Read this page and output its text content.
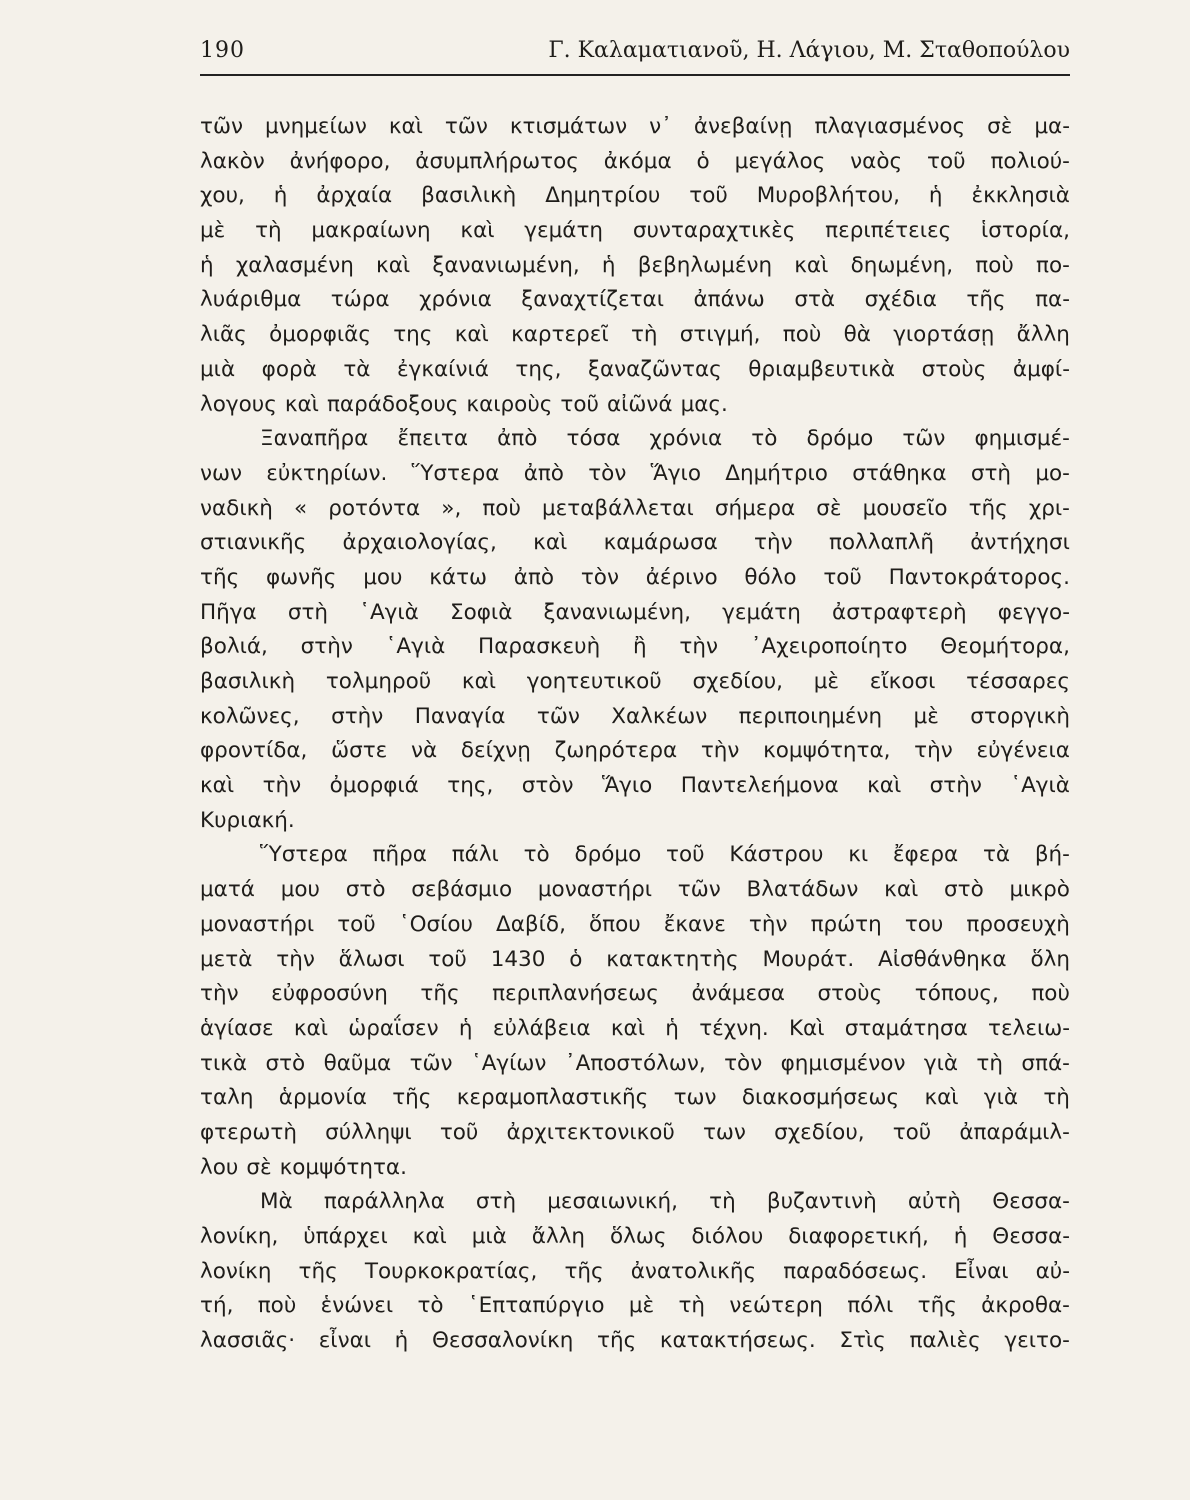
190	Γ. Καλαματιανοῦ, Η. Λάγιου, Μ. Σταθοπούλου
τῶν μνημείων καὶ τῶν κτισμάτων ν᾿ ἀνεβαίνῃ πλαγιασμένος σὲ μα-
λακὸν ἀνήφορο, ἀσυμπλήρωτος ἀκόμα ὁ μεγάλος ναὸς τοῦ πολιού-
χου, ἡ ἀρχαία βασιλικὴ Δημητρίου τοῦ Μυροβλήτου, ἡ ἐκκλησιὰ
μὲ τὴ μακραίωνη καὶ γεμάτη συνταραχτικὲς περιπέτειες ἱστορία,
ἡ χαλασμένη καὶ ξανανιωμένη, ἡ βεβηλωμένη καὶ δηωμένη, ποὺ πο-
λυάριθμα τώρα χρόνια ξαναχτίζεται ἀπάνω στὰ σχέδια τῆς πα-
λιᾶς ὀμορφιᾶς της καὶ καρτερεῖ τὴ στιγμή, ποὺ θὰ γιορτάσῃ ἄλλη
μιὰ φορὰ τὰ ἐγκαίνιά της, ξαναζῶντας θριαμβευτικὰ στοὺς ἀμφί-
λογους καὶ παράδοξους καιροὺς τοῦ αἰῶνά μας.
Ξαναπῆρα ἔπειτα ἀπὸ τόσα χρόνια τὸ δρόμο τῶν φημισμέ-
νων εὐκτηρίων. Ὕστερα ἀπὸ τὸν Ἅγιο Δημήτριο στάθηκα στὴ μο-
ναδικὴ « ροτόντα », ποὺ μεταβάλλεται σήμερα σὲ μουσεῖο τῆς χρι-
στιανικῆς ἀρχαιολογίας, καὶ καμάρωσα τὴν πολλαπλῆ ἀντήχησι
τῆς φωνῆς μου κάτω ἀπὸ τὸν ἀέρινο θόλο τοῦ Παντοκράτορος.
Πῆγα στὴ ῾Αγιὰ Σοφιὰ ξανανιωμένη, γεμάτη ἀστραφτερὴ φεγγο-
βολιά, στὴν ῾Αγιὰ Παρασκευὴ ἢ τὴν ᾽Αχειροποίητο Θεομήτορα,
βασιλικὴ τολμηροῦ καὶ γοητευτικοῦ σχεδίου, μὲ εἴκοσι τέσσαρες
κολῶνες, στὴν Παναγία τῶν Χαλκέων περιποιημένη μὲ στοργικὴ
φροντίδα, ὥστε νὰ δείχνῃ ζωηρότερα τὴν κομψότητα, τὴν εὐγένεια
καὶ τὴν ὀμορφιά της, στὸν Ἅγιο Παντελεήμονα καὶ στὴν ῾Αγιὰ
Κυριακή.
Ὕστερα πῆρα πάλι τὸ δρόμο τοῦ Κάστρου κι ἔφερα τὰ βή-
ματά μου στὸ σεβάσμιο μοναστήρι τῶν Βλατάδων καὶ στὸ μικρὸ
μοναστήρι τοῦ ῾Οσίου Δαβίδ, ὅπου ἔκανε τὴν πρώτη του προσευχὴ
μετὰ τὴν ἅλωσι τοῦ 1430 ὁ κατακτητὴς Μουράτ. Αἰσθάνθηκα ὅλη
τὴν εὐφροσύνη τῆς περιπλανήσεως ἀνάμεσα στοὺς τόπους, ποὺ
ἁγίασε καὶ ὡραΐσεν ἡ εὐλάβεια καὶ ἡ τέχνη. Καὶ σταμάτησα τελειω-
τικὰ στὸ θαῦμα τῶν ῾Αγίων ᾽Αποστόλων, τὸν φημισμένον γιὰ τὴ σπά-
ταλη ἁρμονία τῆς κεραμοπλαστικῆς των διακοσμήσεως καὶ γιὰ τὴ
φτερωτὴ σύλληψι τοῦ ἀρχιτεκτονικοῦ των σχεδίου, τοῦ ἀπαράμιλ-
λου σὲ κομψότητα.
Μὰ παράλληλα στὴ μεσαιωνική, τὴ βυζαντινὴ αὐτὴ Θεσσα-
λονίκη, ὑπάρχει καὶ μιὰ ἄλλη ὅλως διόλου διαφορετική, ἡ Θεσσα-
λονίκη τῆς Τουρκοκρατίας, τῆς ἀνατολικῆς παραδόσεως. Εἶναι αὐ-
τή, ποὺ ἑνώνει τὸ ῾Επταπύργιο μὲ τὴ νεώτερη πόλι τῆς ἀκροθα-
λασσιᾶς· εἶναι ἡ Θεσσαλονίκη τῆς κατακτήσεως. Στὶς παλιὲς γειτο-
